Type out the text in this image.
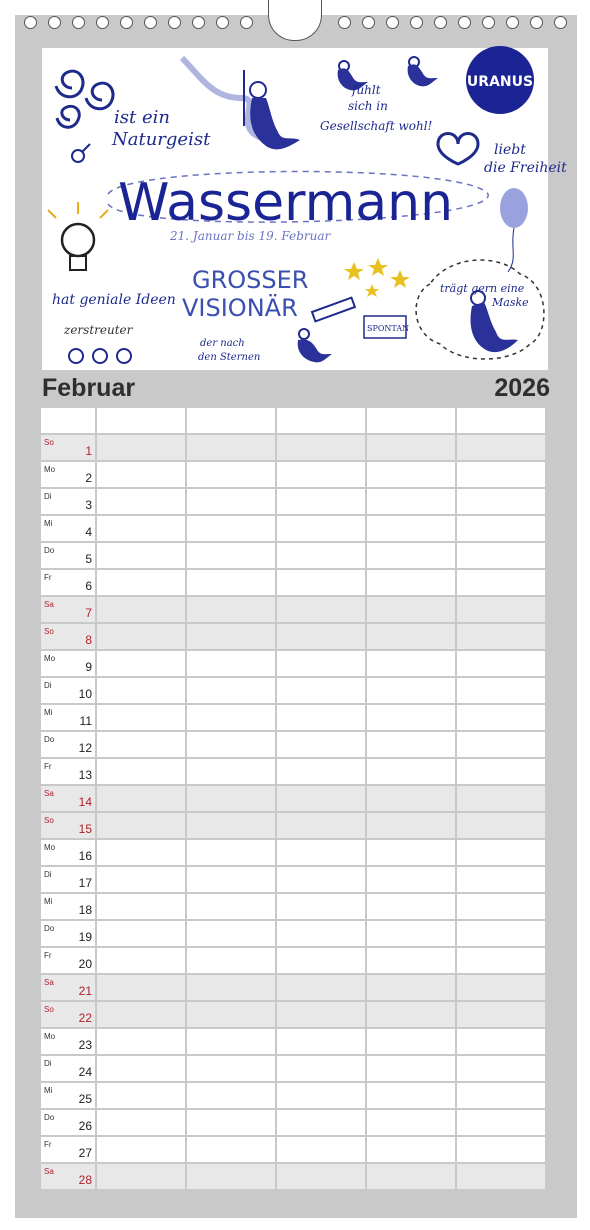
ist ein
Naturgeist
fühlt
sich in
Gesellschaft wohl!
URANUS
liebt
die Freiheit
Wassermann
21. Januar bis 19. Februar
hat geniale Ideen
zerstreuter
GROSSER
VISIONÄR
der nach
den Sternen
SPONTAN
trägt gern eine
Maske
Februar	2026
So
1
Mo
2
Di
3
Mi
4
Do
5
Fr
6
Sa
7
So
8
Mo
9
Di
10
Mi
11
Do
12
Fr
13
Sa
14
So
15
Mo
16
Di
17
Mi
18
Do
19
Fr
20
Sa
21
So
22
Mo
23
Di
24
Mi
25
Do
26
Fr
27
Sa
28
